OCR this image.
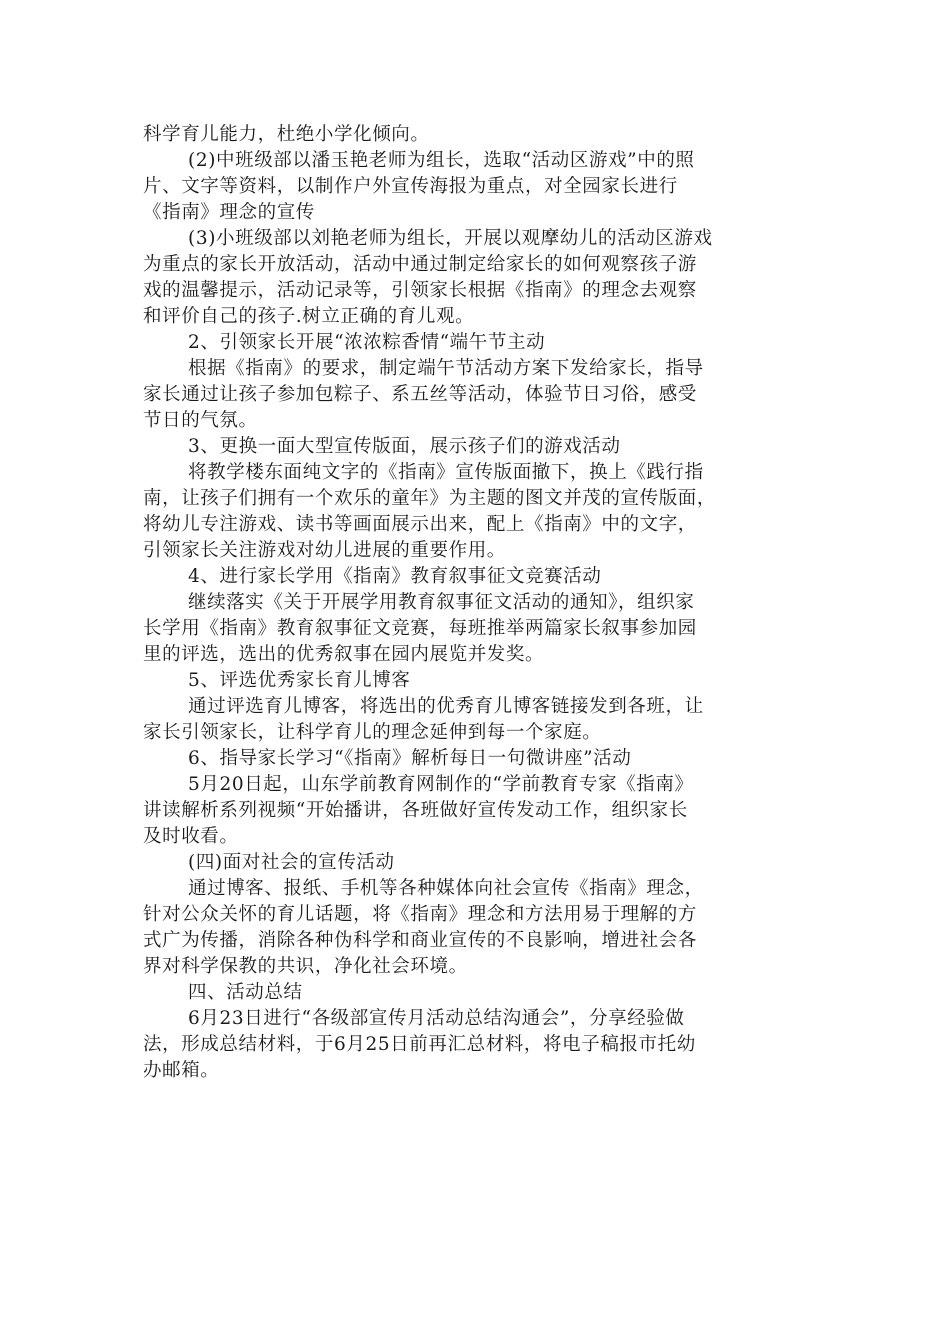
科学育儿能力，杜绝小学化倾向。
(2)中班级部以潘玉艳老师为组长，选取“活动区游戏”中的照
片、文字等资料，以制作户外宣传海报为重点，对全园家长进行
《指南》理念的宣传
(3)小班级部以刘艳老师为组长，开展以观摩幼儿的活动区游戏
为重点的家长开放活动，活动中通过制定给家长的如何观察孩子游
戏的温馨提示，活动记录等，引领家长根据《指南》的理念去观察
和评价自己的孩子.树立正确的育儿观。
2、引领家长开展“浓浓粽香情“端午节主动
根据《指南》的要求，制定端午节活动方案下发给家长，指导
家长通过让孩子参加包粽子、系五丝等活动，体验节日习俗，感受
节日的气氛。
3、更换一面大型宣传版面，展示孩子们的游戏活动
将教学楼东面纯文字的《指南》宣传版面撤下，换上《践行指
南，让孩子们拥有一个欢乐的童年》为主题的图文并茂的宣传版面，
将幼儿专注游戏、读书等画面展示出来，配上《指南》中的文字，
引领家长关注游戏对幼儿进展的重要作用。
4、进行家长学用《指南》教育叙事征文竞赛活动
继续落实《关于开展学用教育叙事征文活动的通知》，组织家
长学用《指南》教育叙事征文竞赛，每班推举两篇家长叙事参加园
里的评选，选出的优秀叙事在园内展览并发奖。
5、评选优秀家长育儿博客
通过评选育儿博客，将选出的优秀育儿博客链接发到各班，让
家长引领家长，让科学育儿的理念延伸到每一个家庭。
6、指导家长学习“《指南》解析每日一句微讲座”活动
5月20日起，山东学前教育网制作的“学前教育专家《指南》
讲读解析系列视频“开始播讲，各班做好宣传发动工作，组织家长
及时收看。
(四)面对社会的宣传活动
通过博客、报纸、手机等各种媒体向社会宣传《指南》理念，
针对公众关怀的育儿话题，将《指南》理念和方法用易于理解的方
式广为传播，消除各种伪科学和商业宣传的不良影响，增进社会各
界对科学保教的共识，净化社会环境。
四、活动总结
6月23日进行“各级部宣传月活动总结沟通会”，分享经验做
法，形成总结材料，于6月25日前再汇总材料，将电子稿报市托幼
办邮箱。
